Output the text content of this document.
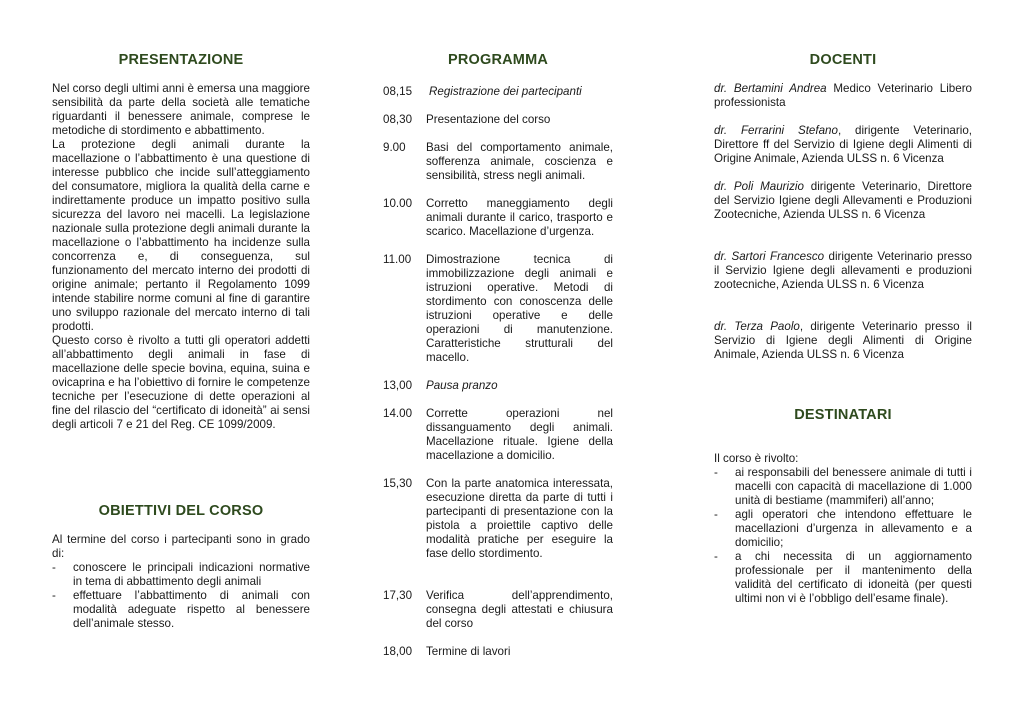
PRESENTAZIONE

Nel corso degli ultimi anni è emersa una maggiore sensibilità da parte della società alle tematiche riguardanti il benessere animale, comprese le metodiche di stordimento e abbattimento.

La protezione degli animali durante la macellazione o l’abbattimento è una questione di interesse pubblico che incide sull’atteggiamento del consumatore, migliora la qualità della carne e indirettamente produce un impatto positivo sulla sicurezza del lavoro nei macelli. La legislazione nazionale sulla protezione degli animali durante la macellazione o l’abbattimento ha incidenze sulla concorrenza e, di conseguenza, sul funzionamento del mercato interno dei prodotti di origine animale; pertanto il Regolamento 1099 intende stabilire norme comuni al fine di garantire uno sviluppo razionale del mercato interno di tali prodotti.

Questo corso è rivolto a tutti gli operatori addetti all’abbattimento degli animali in fase di macellazione delle specie bovina, equina, suina e ovicaprina e ha l’obiettivo di fornire le competenze tecniche per l’esecuzione di dette operazioni al fine del rilascio del “certificato di idoneità” ai sensi degli articoli 7 e 21 del Reg. CE 1099/2009.

OBIETTIVI DEL CORSO

Al termine del corso i partecipanti sono in grado di:

- conoscere le principali indicazioni normative in tema di abbattimento degli animali
- effettuare l’abbattimento di animali con modalità adeguate rispetto al benessere dell’animale stesso.
PROGRAMMA
08,15	Registrazione dei partecipanti
08,30	Presentazione del corso
9.00	Basi del comportamento animale, sofferenza animale, coscienza e sensibilità, stress negli animali.
10.00	Corretto maneggiamento degli animali durante il carico, trasporto e scarico. Macellazione d’urgenza.
11.00	Dimostrazione tecnica di immobilizzazione degli animali e istruzioni operative. Metodi di stordimento con conoscenza delle istruzioni operative e delle operazioni di manutenzione. Caratteristiche strutturali del macello.
13,00	Pausa pranzo
14.00	Corrette operazioni nel dissanguamento degli animali. Macellazione rituale. Igiene della macellazione a domicilio.
15,30	Con la parte anatomica interessata, esecuzione diretta da parte di tutti i partecipanti di presentazione con la pistola a proiettile captivo delle modalità pratiche per eseguire la fase dello stordimento.
17,30	Verifica dell’apprendimento, consegna degli attestati e chiusura del corso
18,00	Termine di lavori
DOCENTI
dr. Bertamini Andrea Medico Veterinario Libero professionista
dr. Ferrarini Stefano, dirigente Veterinario, Direttore ff del Servizio di Igiene degli Alimenti di Origine Animale, Azienda ULSS n. 6 Vicenza
dr. Poli Maurizio dirigente Veterinario, Direttore del Servizio Igiene degli Allevamenti e Produzioni Zootecniche, Azienda ULSS n. 6 Vicenza
dr. Sartori Francesco dirigente Veterinario presso il Servizio Igiene degli allevamenti e produzioni zootecniche, Azienda ULSS n. 6 Vicenza
dr. Terza Paolo, dirigente Veterinario presso il Servizio di Igiene degli Alimenti di Origine Animale, Azienda ULSS n. 6 Vicenza
DESTINATARI

Il corso è rivolto:

- ai responsabili del benessere animale di tutti i macelli con capacità di macellazione di 1.000 unità di bestiame (mammiferi) all’anno;
- agli operatori che intendono effettuare le macellazioni d’urgenza in allevamento e a domicilio;
- a chi necessita di un aggiornamento professionale per il mantenimento della validità del certificato di idoneità (per questi ultimi non vi è l’obbligo dell’esame finale).
